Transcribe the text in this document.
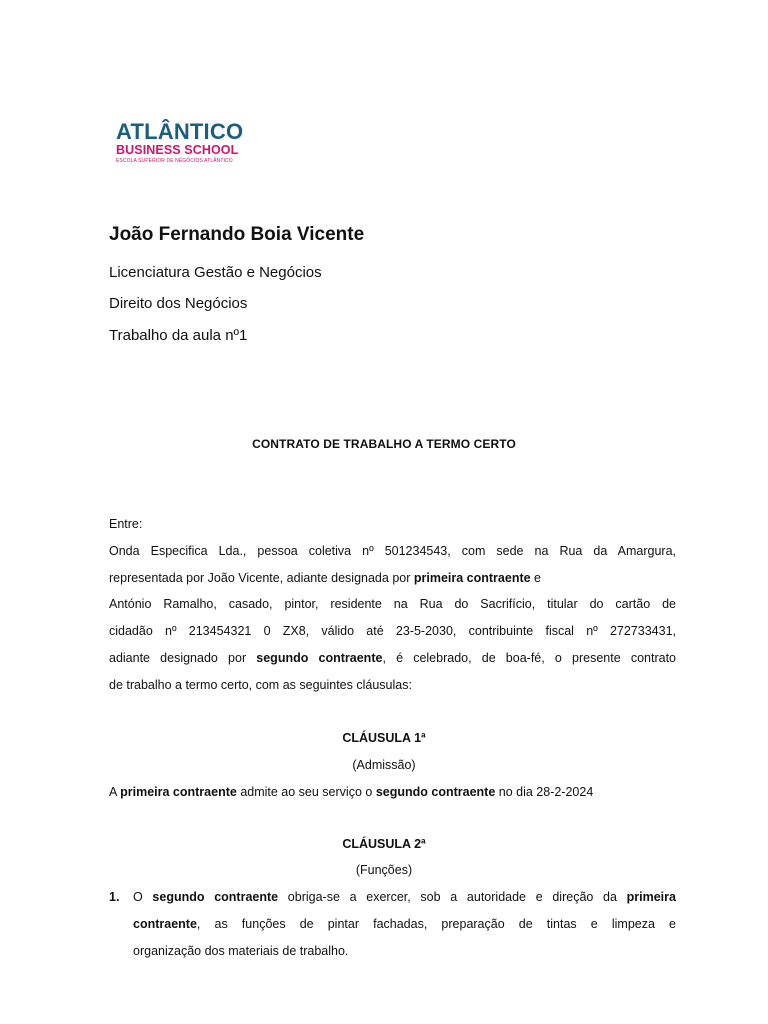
ATLÂNTICO
BUSINESS SCHOOL
ESCOLA SUPERIOR DE NEGÓCIOS ATLÂNTICO
João Fernando Boia Vicente
Licenciatura Gestão e Negócios
Direito dos Negócios
Trabalho da aula nº1
CONTRATO DE TRABALHO A TERMO CERTO
Entre:
Onda Especifica Lda., pessoa coletiva nº 501234543, com sede na Rua da Amargura,
representada por João Vicente, adiante designada por primeira contraente e
António Ramalho, casado, pintor, residente na Rua do Sacrifício, titular do cartão de
cidadão nº 213454321 0 ZX8, válido até 23-5-2030, contribuinte fiscal nº 272733431,
adiante designado por segundo contraente, é celebrado, de boa-fé, o presente contrato
de trabalho a termo certo, com as seguintes cláusulas:
CLÁUSULA 1ª
(Admissão)
A primeira contraente admite ao seu serviço o segundo contraente no dia 28-2-2024
CLÁUSULA 2ª
(Funções)
1. O segundo contraente obriga-se a exercer, sob a autoridade e direção da primeira
contraente, as funções de pintar fachadas, preparação de tintas e limpeza e
organização dos materiais de trabalho.
